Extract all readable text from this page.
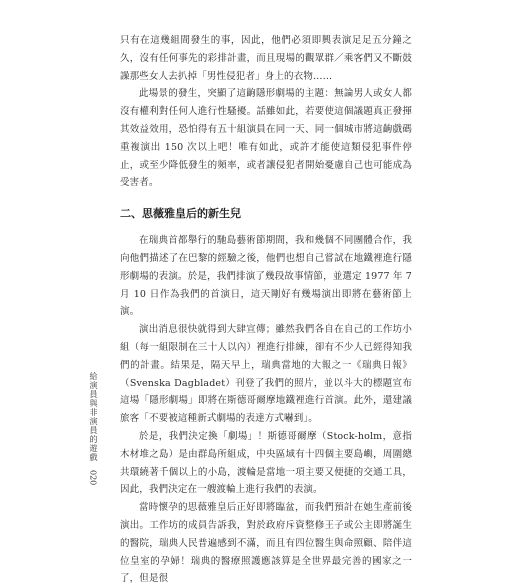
只有在這幾組間發生的事，因此，他們必須即興表演足足五分鐘之久，沒有任何事先的彩排計畫，而且現場的觀眾群／乘客們又不斷鼓譟那些女人去扒掉「男性侵犯者」身上的衣物……

此場景的發生，突顯了這齣隱形劇場的主題：無論男人或女人都沒有權利對任何人進行性騷擾。話雖如此，若要使這個議題真正發揮其效益效用，恐怕得有五十組演員在同一天、同一個城市將這齣戲碼重複演出 150 次以上吧！唯有如此，或許才能使這類侵犯事件停止，或至少降低發生的頻率，或者讓侵犯者開始憂慮自己也可能成為受害者。

二、思薇雅皇后的新生兒

在瑞典首都舉行的馳島藝術節期間，我和幾個不同團體合作，我向他們描述了在巴黎的經驗之後，他們也想自己嘗試在地鐵裡進行隱形劇場的表演。於是，我們排演了幾段故事情節，並選定 1977 年 7 月 10 日作為我們的首演日，這天剛好有幾場演出即將在藝術節上演。

演出消息很快就得到大肆宣傳；雖然我們各自在自己的工作坊小組（每一組限制在三十人以內）裡進行排練，卻有不少人已經得知我們的計畫。結果是，隔天早上，瑞典當地的大報之一《瑞典日報》（Svenska Dagbladet）刊登了我們的照片，並以斗大的標題宣布這場「隱形劇場」即將在斯德哥爾摩地鐵裡進行首演。此外，還建議旅客「不要被這種新式劇場的表達方式嚇到」。

於是，我們決定換「劇場」！斯德哥爾摩（Stock-holm，意指木材堆之島）是由群島所組成，中央區域有十四個主要島嶼，周圍總共環繞著千個以上的小島，渡輪是當地一項主要又便捷的交通工具，因此，我們決定在一艘渡輪上進行我們的表演。

當時懷孕的思薇雅皇后正好即將臨盆，而我們預計在她生產前後演出。工作坊的成員告訴我，對於政府斥資整修王子或公主即將誕生的醫院，瑞典人民普遍感到不滿，而且有四位醫生與命照顧、陪伴這位皇室的孕婦！瑞典的醫療照護應該算是全世界最完善的國家之一了，但是很

給演員與非演員的遊戲
020
